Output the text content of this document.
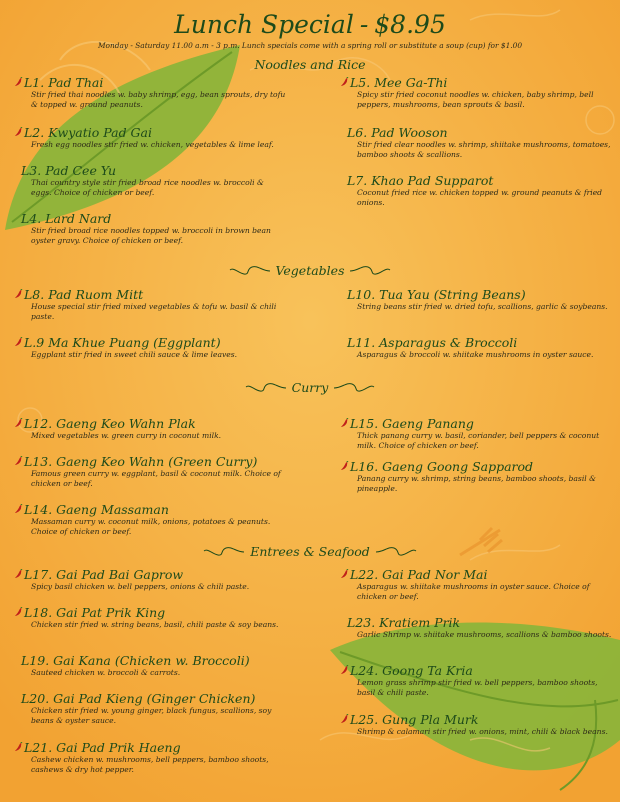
Lunch Special - $8.95
Monday - Saturday 11.00 a.m - 3 p.m. Lunch specials come with a spring roll or substitute a soup (cup) for $1.00
Noodles and Rice
Vegetables
Curry
Entrees & Seafood
L1. Pad Thai
Stir fried thai noodles w. baby shrimp, egg, bean sprouts, dry tofu & topped w. ground peanuts.
L2. Kwyatio Pad Gai
Fresh egg noodles stir fried w. chicken, vegetables & lime leaf.
L3. Pad Cee Yu
Thai country style stir fried broad rice noodles w. broccoli & eggs. Choice of chicken or beef.
L4. Lard Nard
Stir fried broad rice noodles topped w. broccoli in brown bean oyster gravy. Choice of chicken or beef.
L5. Mee Ga-Thi
Spicy stir fried coconut noodles w. chicken, baby shrimp, bell peppers, mushrooms, bean sprouts & basil.
L6. Pad Wooson
Stir fried clear noodles w. shrimp, shiitake mushrooms, tomatoes, bamboo shoots & scallions.
L7. Khao Pad Supparot
Coconut fried rice w. chicken topped w. ground peanuts & fried onions.
L8. Pad Ruom Mitt
House special stir fried mixed vegetables & tofu w. basil & chili paste.
L.9 Ma Khue Puang (Eggplant)
Eggplant stir fried in sweet chili sauce & lime leaves.
L10. Tua Yau (String Beans)
String beans stir fried w. dried tofu, scallions, garlic & soybeans.
L11. Asparagus & Broccoli
Asparagus & broccoli w. shiitake mushrooms in oyster sauce.
L12. Gaeng Keo Wahn Plak
Mixed vegetables w. green curry in coconut milk.
L13. Gaeng Keo Wahn (Green Curry)
Famous green curry w. eggplant, basil & coconut milk. Choice of chicken or beef.
L14. Gaeng Massaman
Massaman curry w. coconut milk, onions, potatoes & peanuts. Choice of chicken or beef.
L15. Gaeng Panang
Thick panang curry w. basil, coriander, bell peppers & coconut milk. Choice of chicken or beef.
L16. Gaeng Goong Sapparod
Panang curry w. shrimp, string beans, bamboo shoots, basil & pineapple.
L17. Gai Pad Bai Gaprow
Spicy basil chicken w. bell peppers, onions & chili paste.
L18. Gai Pat Prik King
Chicken stir fried w. string beans, basil, chili paste & soy beans.
L19. Gai Kana (Chicken w. Broccoli)
Sauteed chicken w. broccoli & carrots.
L20. Gai Pad Kieng (Ginger Chicken)
Chicken stir fried w. young ginger, black fungus, scallions, soy beans & oyster sauce.
L21. Gai Pad Prik Haeng
Cashew chicken w. mushrooms, bell peppers, bamboo shoots, cashews & dry hot pepper.
L22. Gai Pad Nor Mai
Asparagus w. shiitake mushrooms in oyster sauce. Choice of chicken or beef.
L23. Kratiem Prik
Garlic Shrimp w. shiitake mushrooms, scallions & bamboo shoots.
L24. Goong Ta Kria
Lemon grass shrimp stir fried w. bell peppers, bamboo shoots, basil & chili paste.
L25. Gung Pla Murk
Shrimp & calamari stir fried w. onions, mint, chili & black beans.
